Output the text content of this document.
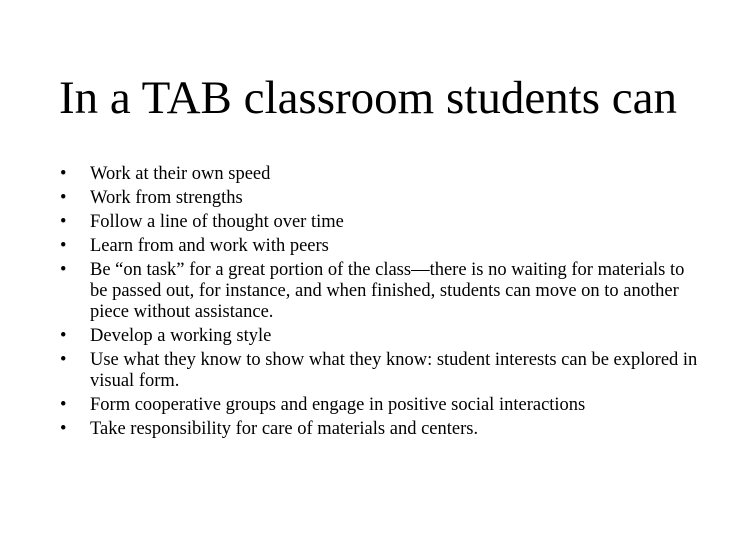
In a TAB classroom students can
•	Work at their own speed
•	Work from strengths
•	Follow a line of thought over time
•	Learn from and work with peers
•	Be “on task” for a great portion of the class—there is no waiting for materials to be passed out, for instance, and when finished, students can move on to another piece without assistance.
•	Develop a working style
•	Use what they know to show what they know: student interests can be explored in visual form.
•	Form cooperative groups and engage in positive social interactions
•	Take responsibility for care of materials and centers.
